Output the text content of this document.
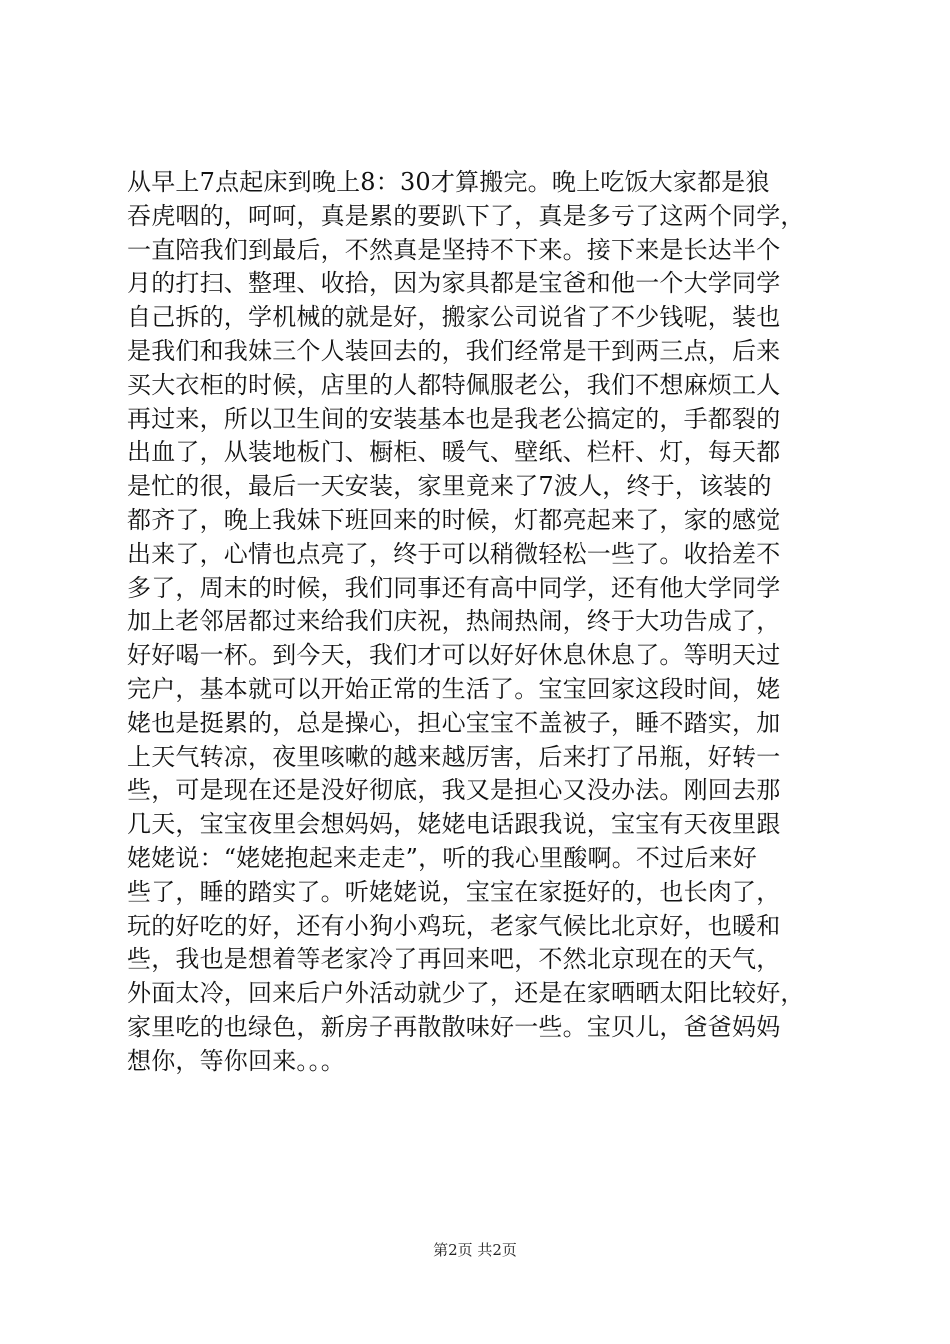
从早上7点起床到晚上8：30才算搬完。晚上吃饭大家都是狼
吞虎咽的，呵呵，真是累的要趴下了，真是多亏了这两个同学，
一直陪我们到最后，不然真是坚持不下来。接下来是长达半个
月的打扫、整理、收拾，因为家具都是宝爸和他一个大学同学
自己拆的，学机械的就是好，搬家公司说省了不少钱呢，装也
是我们和我妹三个人装回去的，我们经常是干到两三点，后来
买大衣柜的时候，店里的人都特佩服老公，我们不想麻烦工人
再过来，所以卫生间的安装基本也是我老公搞定的，手都裂的
出血了，从装地板门、橱柜、暖气、壁纸、栏杆、灯，每天都
是忙的很，最后一天安装，家里竟来了7波人，终于，该装的
都齐了，晚上我妹下班回来的时候，灯都亮起来了，家的感觉
出来了，心情也点亮了，终于可以稍微轻松一些了。收拾差不
多了，周末的时候，我们同事还有高中同学，还有他大学同学
加上老邻居都过来给我们庆祝，热闹热闹，终于大功告成了，
好好喝一杯。到今天，我们才可以好好休息休息了。等明天过
完户，基本就可以开始正常的生活了。宝宝回家这段时间，姥
姥也是挺累的，总是操心，担心宝宝不盖被子，睡不踏实，加
上天气转凉，夜里咳嗽的越来越厉害，后来打了吊瓶，好转一
些，可是现在还是没好彻底，我又是担心又没办法。刚回去那
几天，宝宝夜里会想妈妈，姥姥电话跟我说，宝宝有天夜里跟
姥姥说：“姥姥抱起来走走”，听的我心里酸啊。不过后来好
些了，睡的踏实了。听姥姥说，宝宝在家挺好的，也长肉了，
玩的好吃的好，还有小狗小鸡玩，老家气候比北京好，也暖和
些，我也是想着等老家冷了再回来吧，不然北京现在的天气，
外面太冷，回来后户外活动就少了，还是在家晒晒太阳比较好，
家里吃的也绿色，新房子再散散味好一些。宝贝儿，爸爸妈妈
想你，等你回来。。。
第2页 共2页
